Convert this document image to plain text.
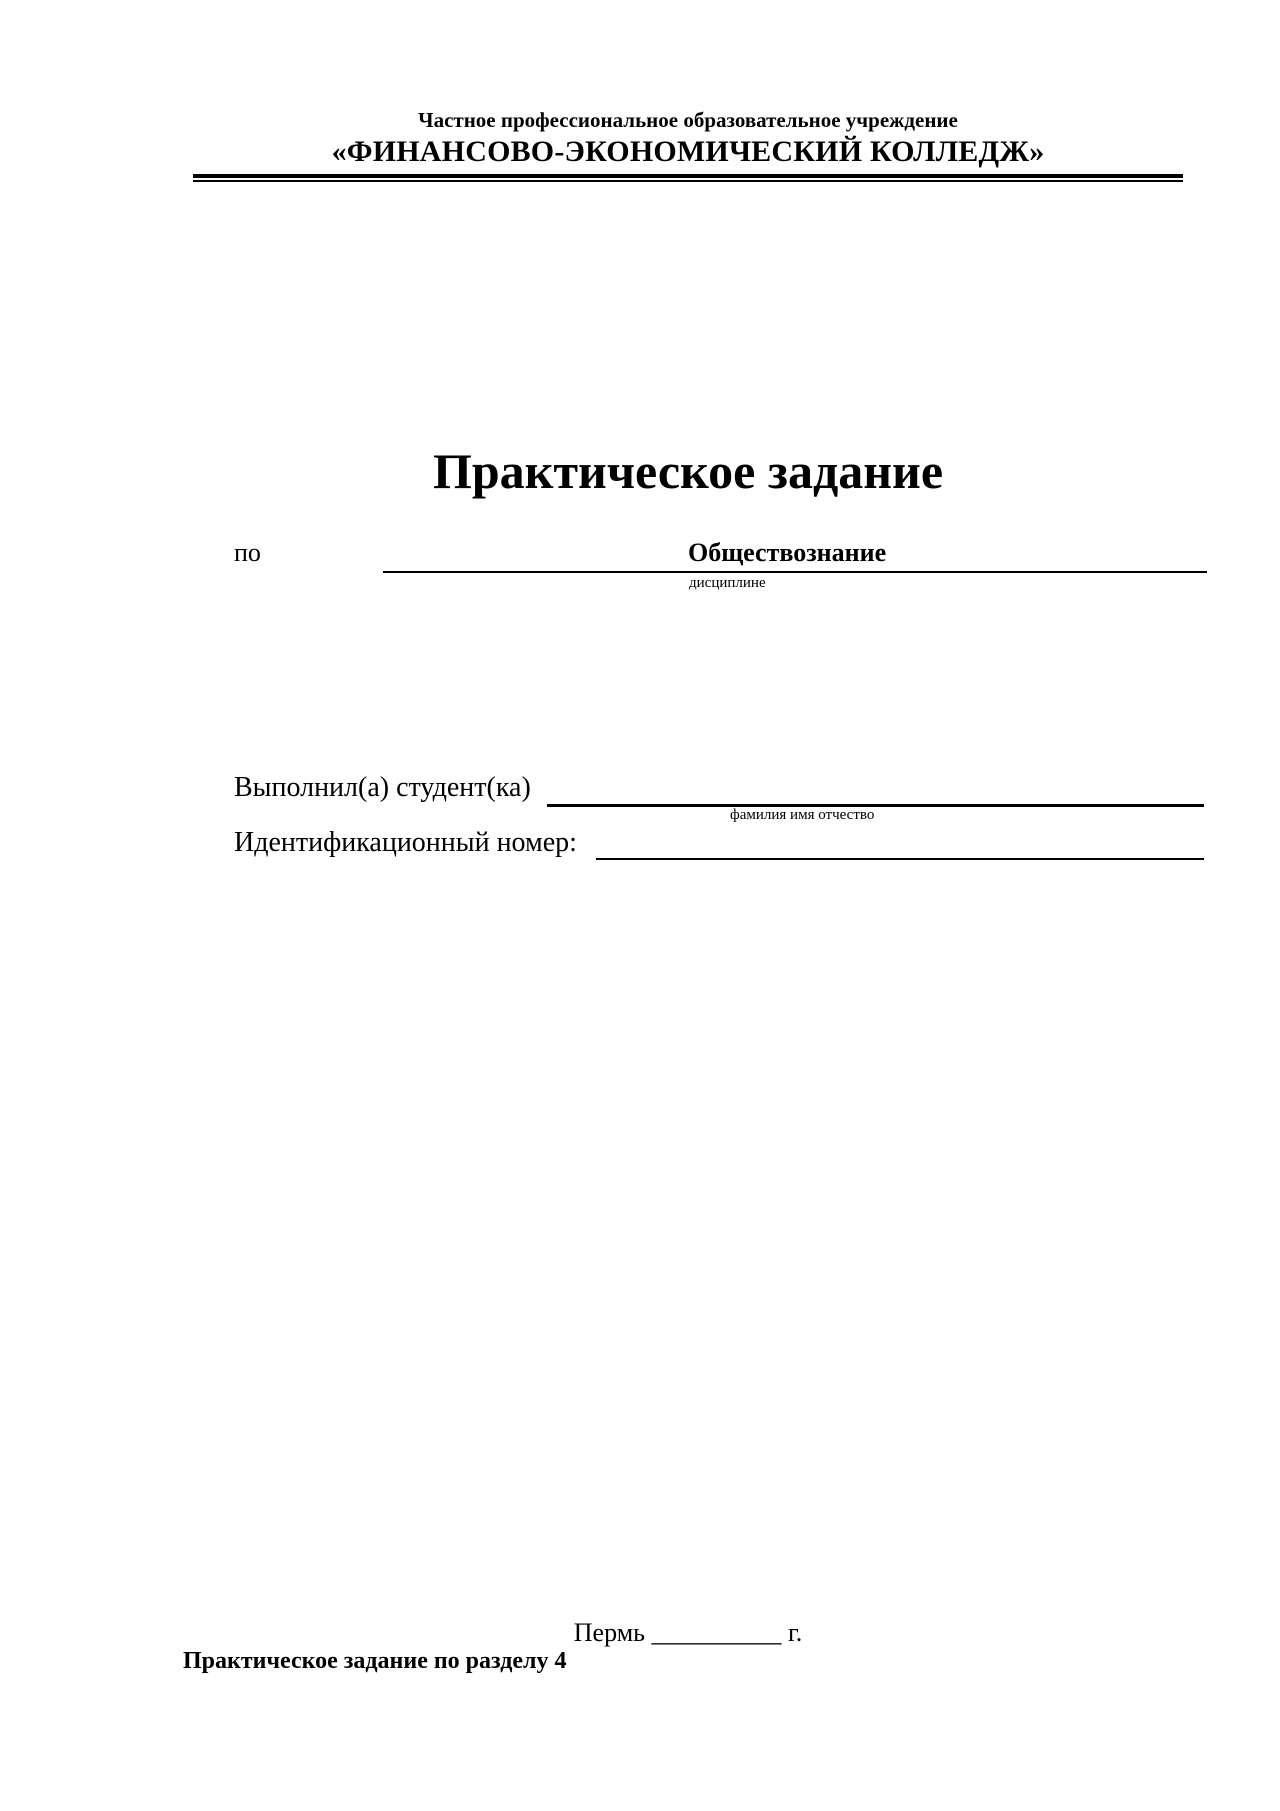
Частное профессиональное образовательное учреждение
«ФИНАНСОВО-ЭКОНОМИЧЕСКИЙ КОЛЛЕДЖ»
Практическое задание
по	Обществознание
дисциплине
Выполнил(а) студент(ка)
фамилия имя отчество
Идентификационный номер:
Пермь __________ г.
Практическое задание по разделу 4
